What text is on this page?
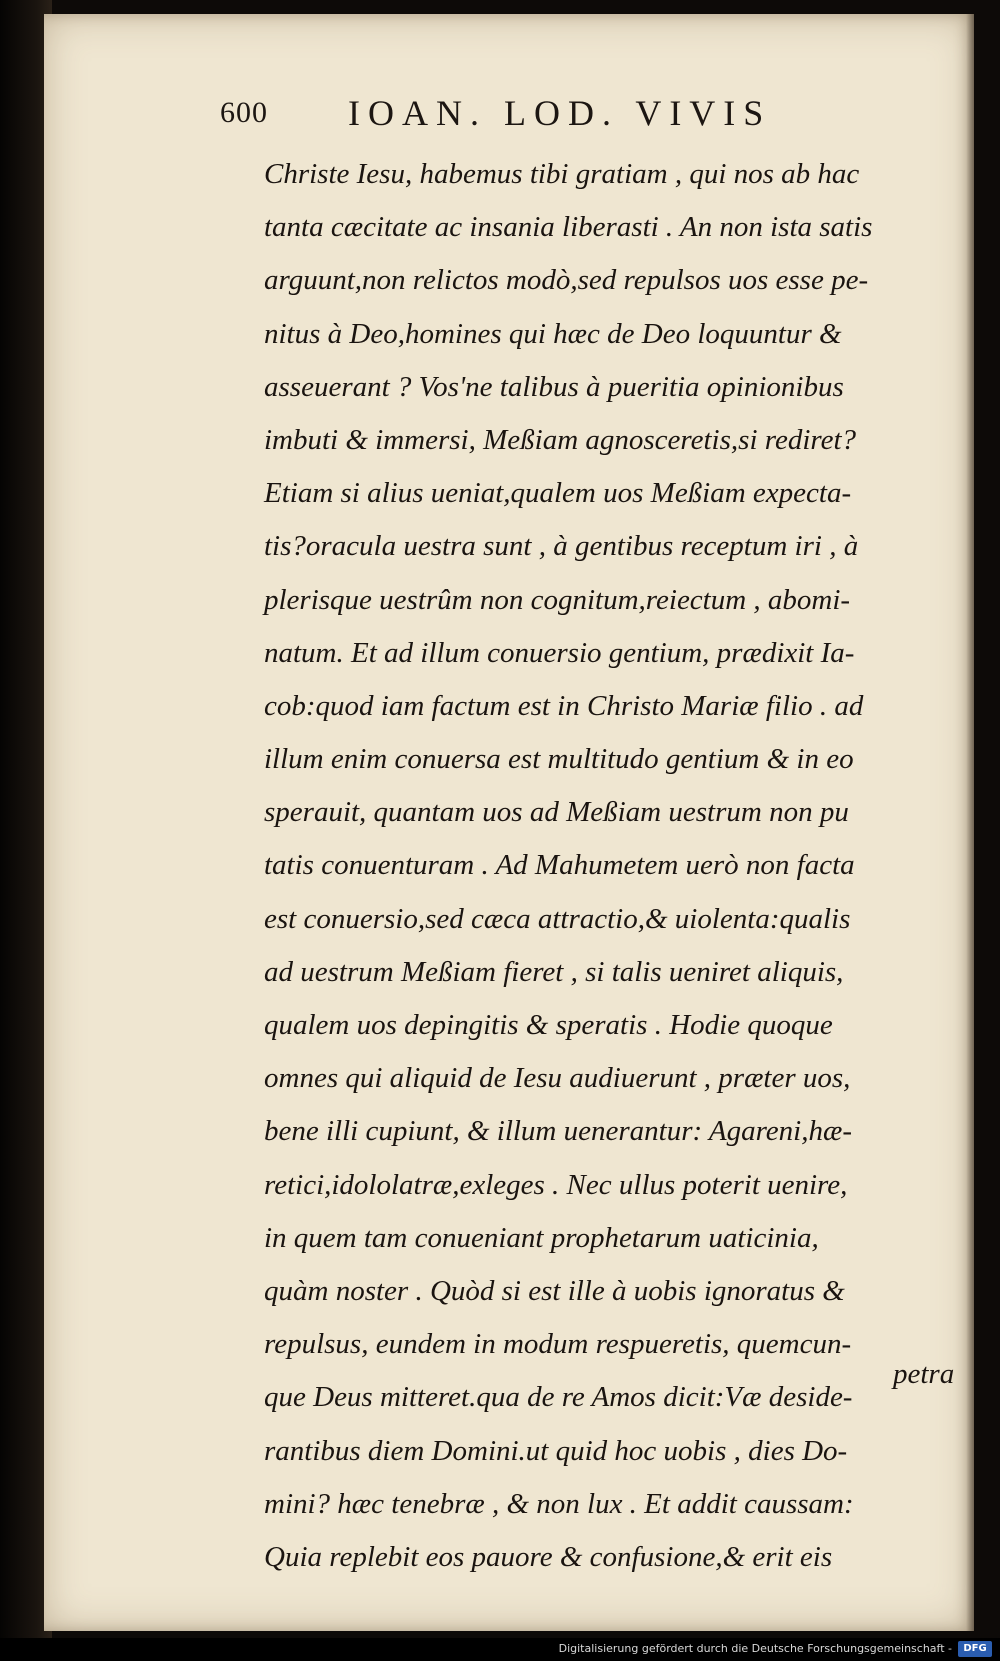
600 IOAN. LOD. VIVIS
Christe Iesu, habemus tibi gratiam , qui nos ab hac
tanta cæcitate ac insania liberasti . An non ista satis
arguunt,non relictos modò,sed repulsos uos esse pe-
nitus à Deo,homines qui hæc de Deo loquuntur &
asseuerant ? Vos'ne talibus à pueritia opinionibus
imbuti & immersi, Meßiam agnosceretis,si rediret?
Etiam si alius ueniat,qualem uos Meßiam expecta-
tis?oracula uestra sunt , à gentibus receptum iri , à
plerisque uestrûm non cognitum,reiectum , abomi-
natum. Et ad illum conuersio gentium, prædixit Ia-
cob:quod iam factum est in Christo Mariæ filio . ad
illum enim conuersa est multitudo gentium & in eo
sperauit, quantam uos ad Meßiam uestrum non pu
tatis conuenturam . Ad Mahumetem uerò non facta
est conuersio,sed cæca attractio,& uiolenta:qualis
ad uestrum Meßiam fieret , si talis ueniret aliquis,
qualem uos depingitis & speratis . Hodie quoque
omnes qui aliquid de Iesu audiuerunt , præter uos,
bene illi cupiunt, & illum uenerantur: Agareni,hæ-
retici,idololatræ,exleges . Nec ullus poterit uenire,
in quem tam conueniant prophetarum uaticinia,
quàm noster . Quòd si est ille à uobis ignoratus &
repulsus, eundem in modum respueretis, quemcun-
que Deus mitteret.qua de re Amos dicit:Væ deside-
rantibus diem Domini.ut quid hoc uobis , dies Do-
mini? hæc tenebræ , & non lux . Et addit caussam:
Quia replebit eos pauore & confusione,& erit eis
petra
Digitalisierung gefördert durch die Deutsche Forschungsgemeinschaft -	DFG
